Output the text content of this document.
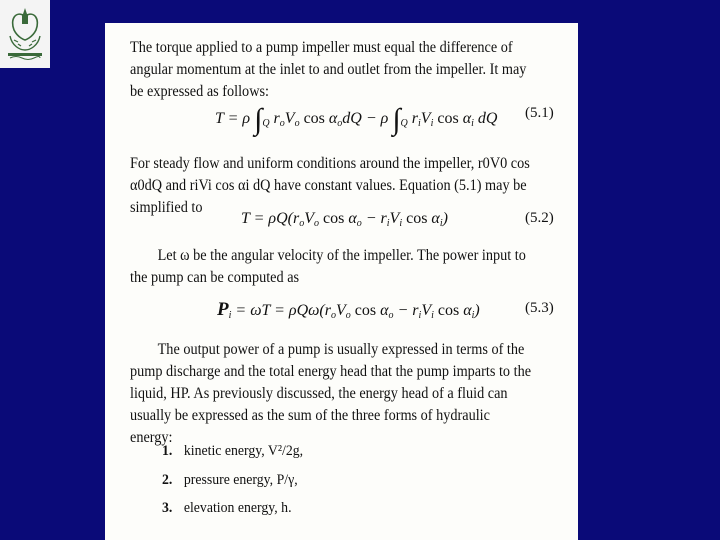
The torque applied to a pump impeller must equal the difference of angular momentum at the inlet to and outlet from the impeller. It may be expressed as follows:
T = ρ $\int_Q$ $r_oV_o$ $\cos \alpha_odQ - \rho$ $\int_Q$ $r_iV_i$ $\cos \alpha_i$ dQ (5.1)
For steady flow and uniform conditions around the impeller, r0V0 cos α0dQ and riVi cos αi dQ have constant values. Equation (5.1) may be simplified to
$T = \rho Q(r_oV_o$ $\cos \alpha_o - r_iV_i$ $\cos \alpha_i$)	(5.2)
Let ω be the angular velocity of the impeller. The power input to the pump can be computed as
$P_i = \omega T = \rho Q\omega(r_oV_o$ $\cos \alpha_o - r_iV_i$ $\cos \alpha_i$)	(5.3)
The output power of a pump is usually expressed in terms of the pump discharge and the total energy head that the pump imparts to the liquid, HP. As previously discussed, the energy head of a fluid can usually be expressed as the sum of the three forms of hydraulic energy:
1. kinetic energy, V²/2g,
2. pressure energy, P/γ,
3. elevation energy, h.
